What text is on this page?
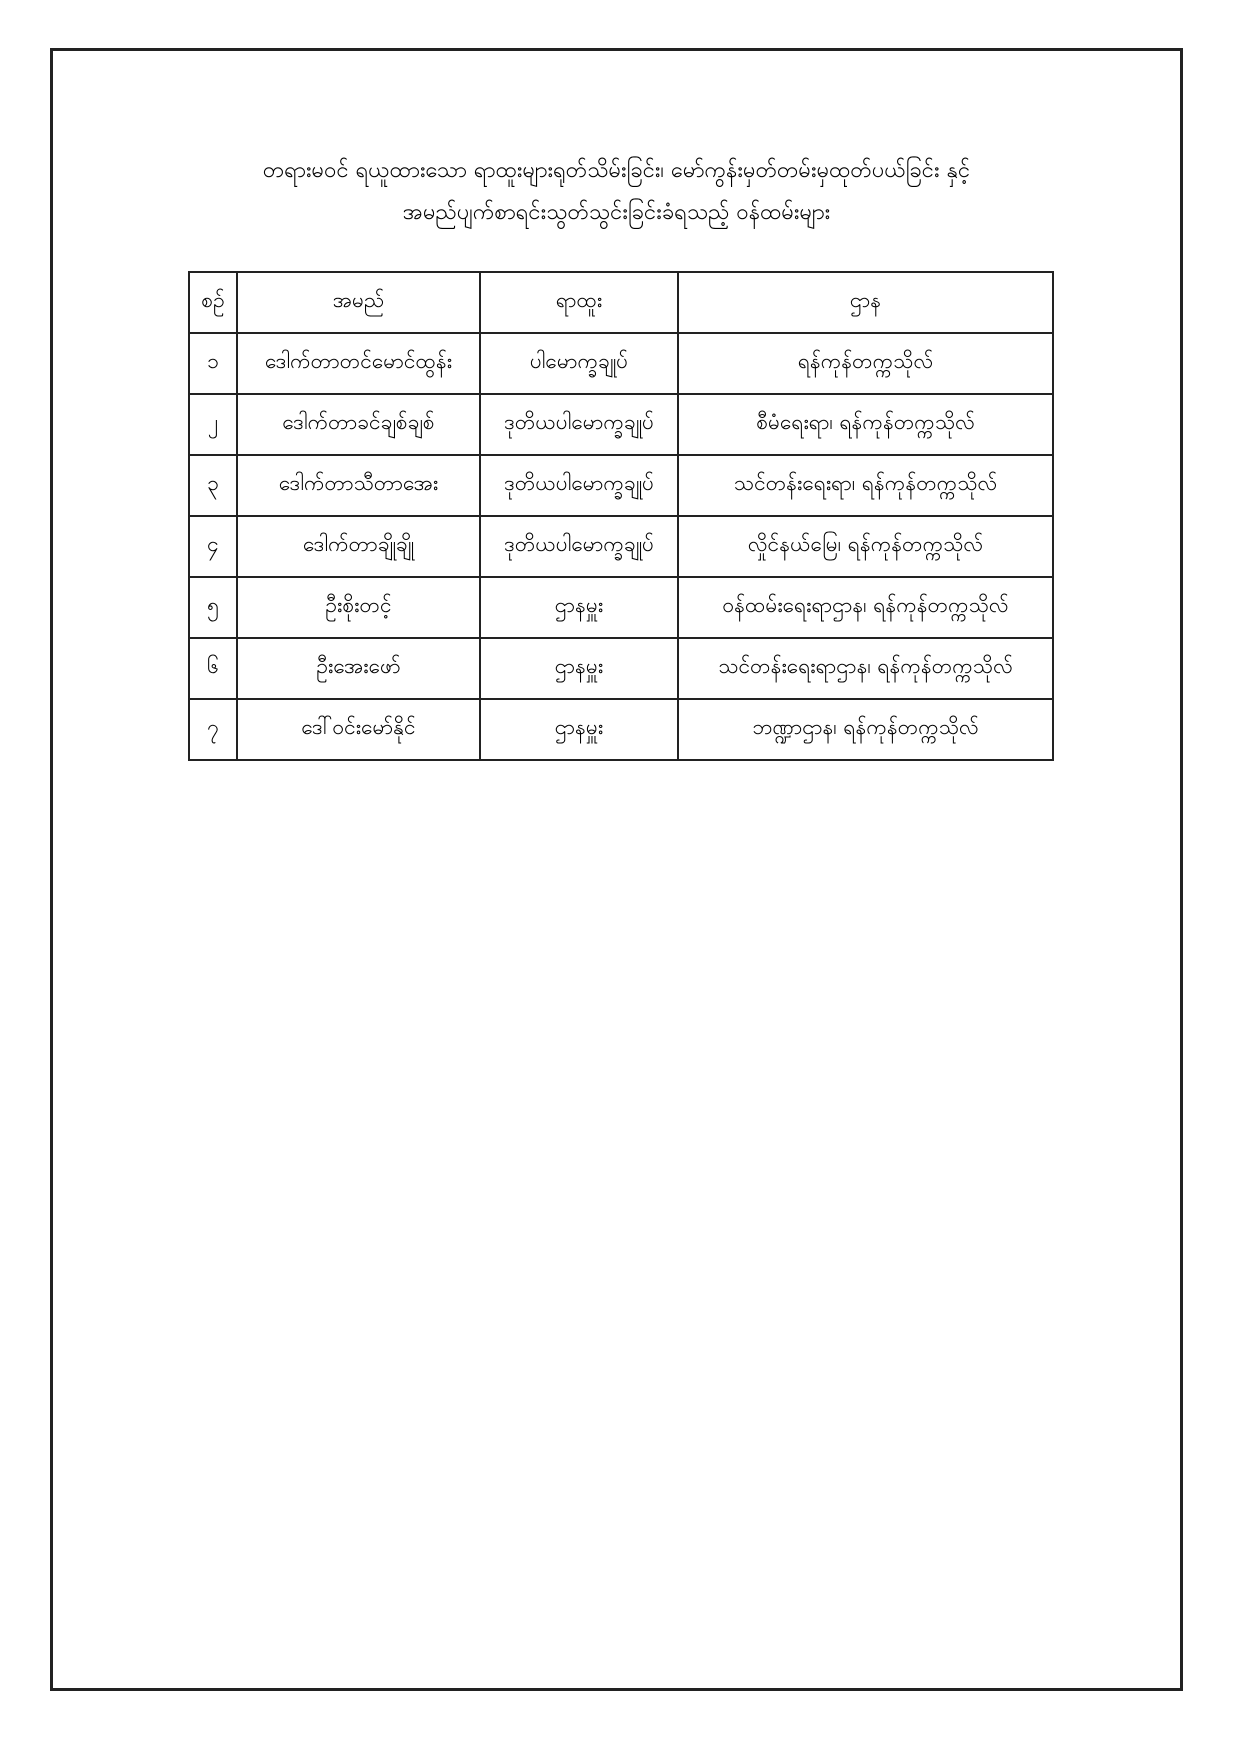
တရားမဝင် ရယူထားသော ရာထူးများရုတ်သိမ်းခြင်း၊ မော်ကွန်းမှတ်တမ်းမှထုတ်ပယ်ခြင်း နှင့်
အမည်ပျက်စာရင်းသွတ်သွင်းခြင်းခံရသည့် ဝန်ထမ်းများ
စဉ်	အမည်	ရာထူး	ဌာန
၁	ဒေါက်တာတင်မောင်ထွန်း	ပါမောက္ခချုပ်	ရန်ကုန်တက္ကသိုလ်
၂	ဒေါက်တာခင်ချစ်ချစ်	ဒုတိယပါမောက္ခချုပ်	စီမံရေးရာ၊ ရန်ကုန်တက္ကသိုလ်
၃	ဒေါက်တာသီတာအေး	ဒုတိယပါမောက္ခချုပ်	သင်တန်းရေးရာ၊ ရန်ကုန်တက္ကသိုလ်
၄	ဒေါက်တာချိုချို	ဒုတိယပါမောက္ခချုပ်	လှိုင်နယ်မြေ၊ ရန်ကုန်တက္ကသိုလ်
၅	ဦးစိုးတင့်	ဌာနမှူး	ဝန်ထမ်းရေးရာဌာန၊ ရန်ကုန်တက္ကသိုလ်
၆	ဦးအေးဖော်	ဌာနမှူး	သင်တန်းရေးရာဌာန၊ ရန်ကုန်တက္ကသိုလ်
၇	ဒေါ်ဝင်းမော်နိုင်	ဌာနမှူး	ဘဏ္ဍာဌာန၊ ရန်ကုန်တက္ကသိုလ်
